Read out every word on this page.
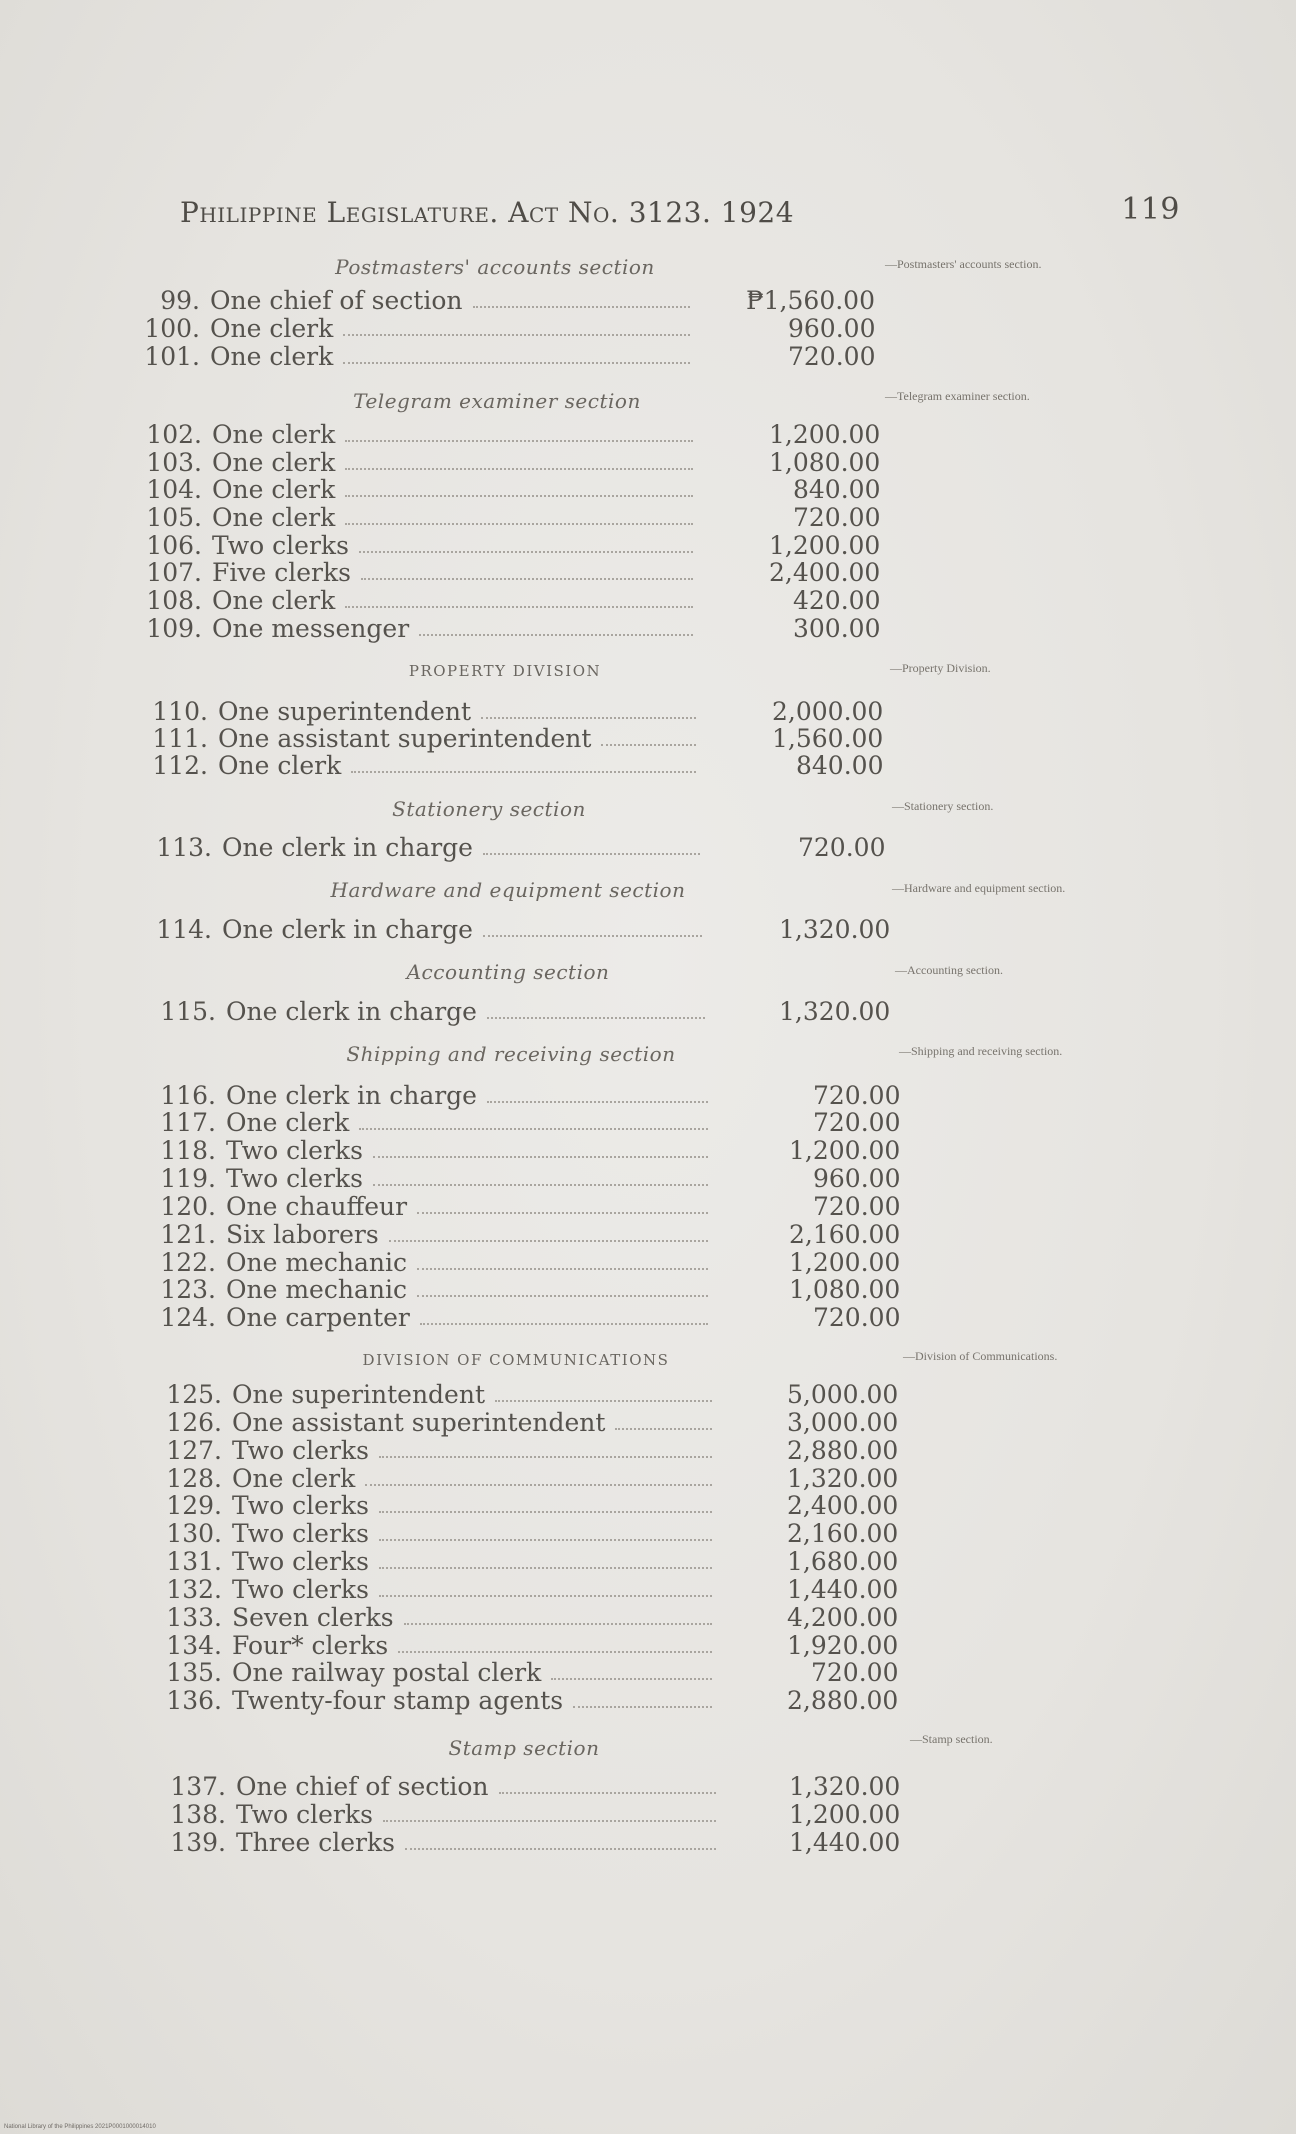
Philippine Legislature. Act No. 3123. 1924	119
Postmasters' accounts section	—Postmasters' accounts section.
99. One chief of section	₱1,560.00
100. One clerk	960.00
101. One clerk	720.00
Telegram examiner section	—Telegram examiner section.
102. One clerk	1,200.00
103. One clerk	1,080.00
104. One clerk	840.00
105. One clerk	720.00
106. Two clerks	1,200.00
107. Five clerks	2,400.00
108. One clerk	420.00
109. One messenger	300.00
PROPERTY DIVISION	—Property Division.
110. One superintendent	2,000.00
111. One assistant superintendent	1,560.00
112. One clerk	840.00
Stationery section	—Stationery section.
113. One clerk in charge	720.00
Hardware and equipment section	—Hardware and equipment section.
114. One clerk in charge	1,320.00
Accounting section	—Accounting section.
115. One clerk in charge	1,320.00
Shipping and receiving section	—Shipping and receiving section.
116. One clerk in charge	720.00
117. One clerk	720.00
118. Two clerks	1,200.00
119. Two clerks	960.00
120. One chauffeur	720.00
121. Six laborers	2,160.00
122. One mechanic	1,200.00
123. One mechanic	1,080.00
124. One carpenter	720.00
DIVISION OF COMMUNICATIONS	—Division of Communications.
125. One superintendent	5,000.00
126. One assistant superintendent	3,000.00
127. Two clerks	2,880.00
128. One clerk	1,320.00
129. Two clerks	2,400.00
130. Two clerks	2,160.00
131. Two clerks	1,680.00
132. Two clerks	1,440.00
133. Seven clerks	4,200.00
134. Four* clerks	1,920.00
135. One railway postal clerk	720.00
136. Twenty-four stamp agents	2,880.00
Stamp section	—Stamp section.
137. One chief of section	1,320.00
138. Two clerks	1,200.00
139. Three clerks	1,440.00
National Library of the Philippines 2021P0001000014010
